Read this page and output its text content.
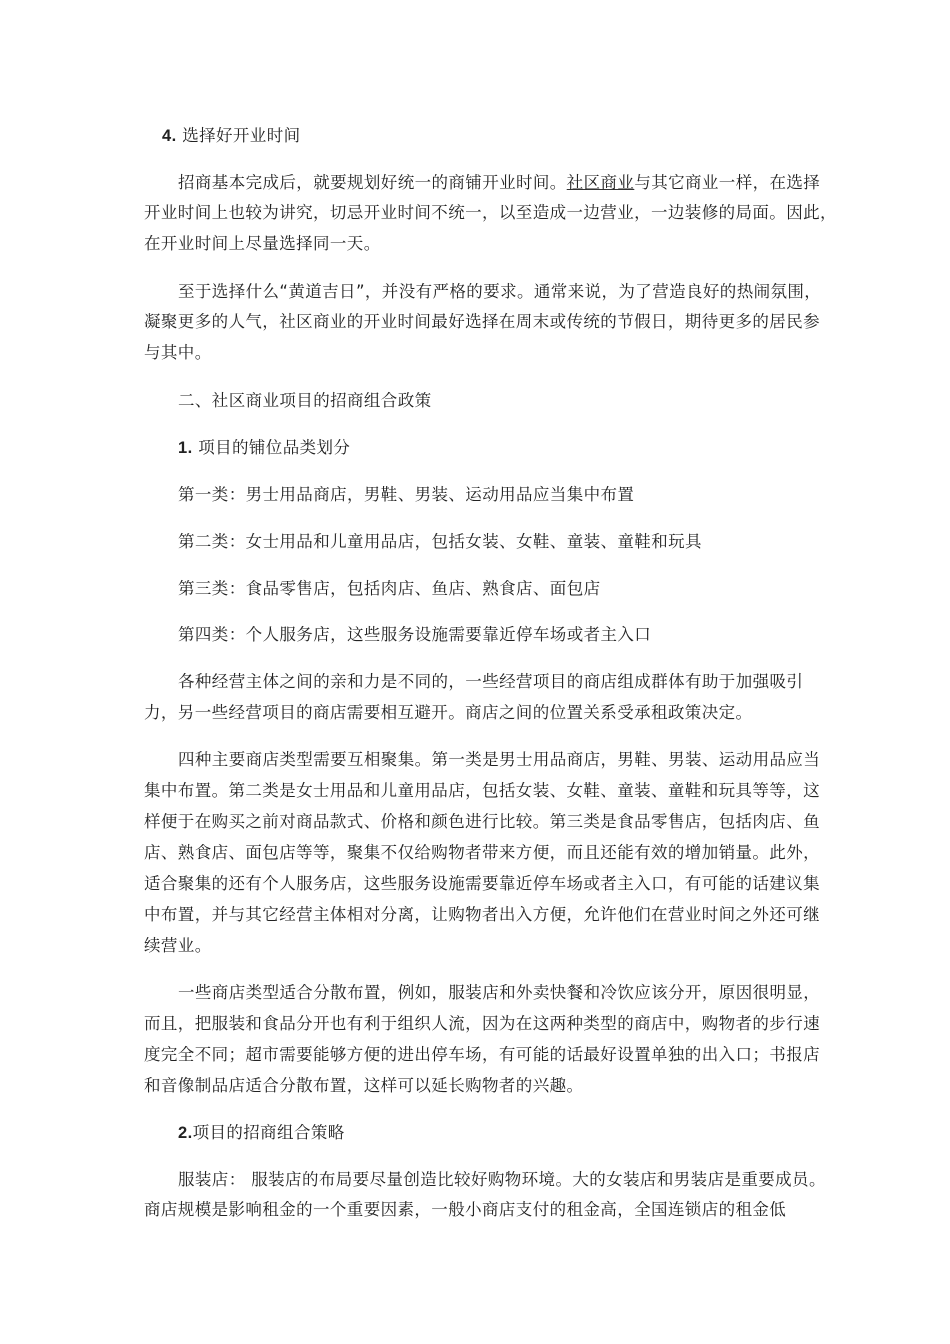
4. 选择好开业时间
招商基本完成后，就要规划好统一的商铺开业时间。社区商业与其它商业一样，在选择
开业时间上也较为讲究，切忌开业时间不统一，以至造成一边营业，一边装修的局面。因此，
在开业时间上尽量选择同一天。
至于选择什么“黄道吉日”，并没有严格的要求。通常来说，为了营造良好的热闹氛围，
凝聚更多的人气，社区商业的开业时间最好选择在周末或传统的节假日，期待更多的居民参
与其中。
二、社区商业项目的招商组合政策
1. 项目的铺位品类划分
第一类：男士用品商店，男鞋、男装、运动用品应当集中布置
第二类：女士用品和儿童用品店，包括女装、女鞋、童装、童鞋和玩具
第三类：食品零售店，包括肉店、鱼店、熟食店、面包店
第四类：个人服务店，这些服务设施需要靠近停车场或者主入口
各种经营主体之间的亲和力是不同的，一些经营项目的商店组成群体有助于加强吸引
力，另一些经营项目的商店需要相互避开。商店之间的位置关系受承租政策决定。
四种主要商店类型需要互相聚集。第一类是男士用品商店，男鞋、男装、运动用品应当
集中布置。第二类是女士用品和儿童用品店，包括女装、女鞋、童装、童鞋和玩具等等，这
样便于在购买之前对商品款式、价格和颜色进行比较。第三类是食品零售店，包括肉店、鱼
店、熟食店、面包店等等，聚集不仅给购物者带来方便，而且还能有效的增加销量。此外，
适合聚集的还有个人服务店，这些服务设施需要靠近停车场或者主入口，有可能的话建议集
中布置，并与其它经营主体相对分离，让购物者出入方便，允许他们在营业时间之外还可继
续营业。
一些商店类型适合分散布置，例如，服装店和外卖快餐和冷饮应该分开，原因很明显，
而且，把服装和食品分开也有利于组织人流，因为在这两种类型的商店中，购物者的步行速
度完全不同；超市需要能够方便的进出停车场，有可能的话最好设置单独的出入口；书报店
和音像制品店适合分散布置，这样可以延长购物者的兴趣。
2.项目的招商组合策略
服装店： 服装店的布局要尽量创造比较好购物环境。大的女装店和男装店是重要成员。
商店规模是影响租金的一个重要因素，一般小商店支付的租金高，全国连锁店的租金低
